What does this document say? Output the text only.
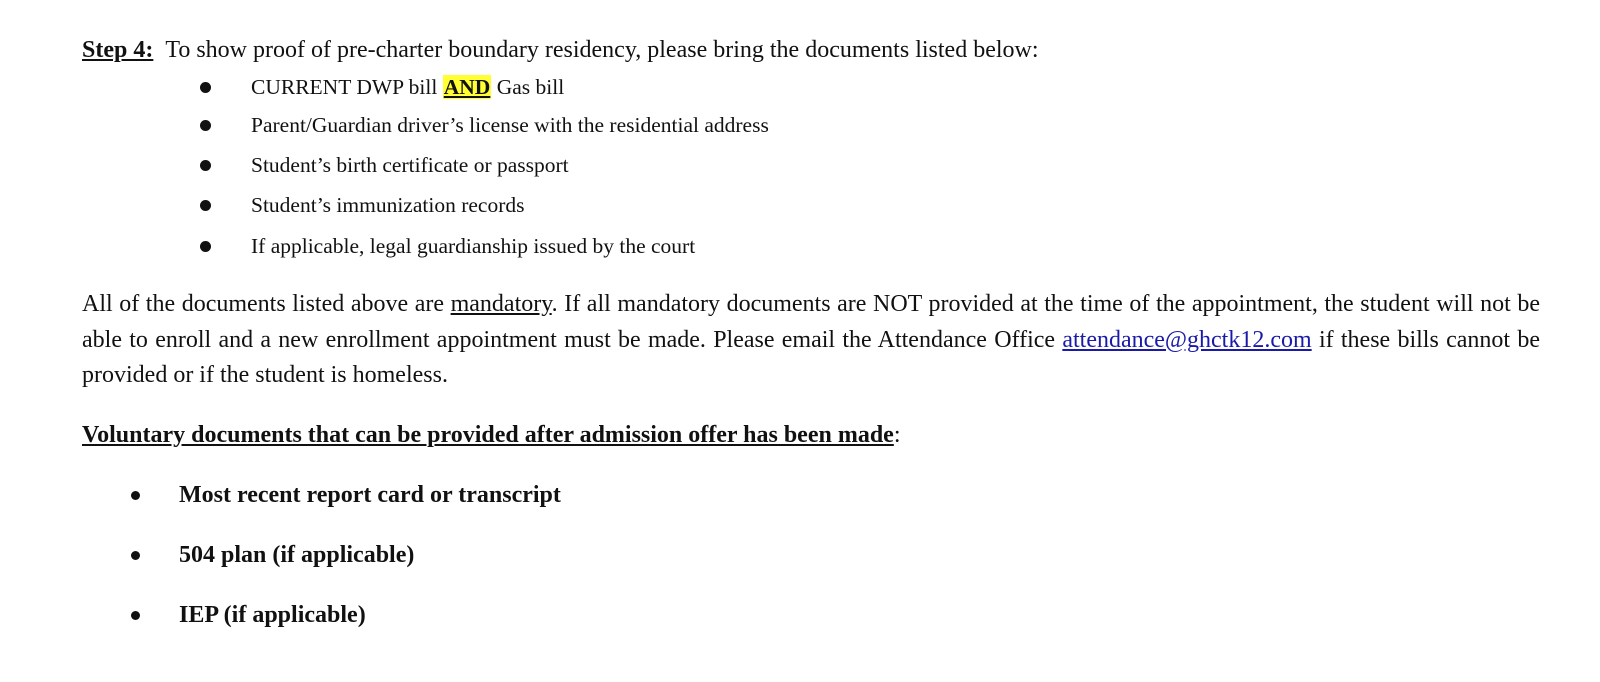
Step 4: To show proof of pre-charter boundary residency, please bring the documents listed below:
CURRENT DWP bill AND Gas bill
Parent/Guardian driver’s license with the residential address
Student’s birth certificate or passport
Student’s immunization records
If applicable, legal guardianship issued by the court

All of the documents listed above are mandatory. If all mandatory documents are NOT provided at the time of the appointment, the student will not be able to enroll and a new enrollment appointment must be made. Please email the Attendance Office attendance@ghctk12.com if these bills cannot be provided or if the student is homeless.

Voluntary documents that can be provided after admission offer has been made:
Most recent report card or transcript
504 plan (if applicable)
IEP (if applicable)
